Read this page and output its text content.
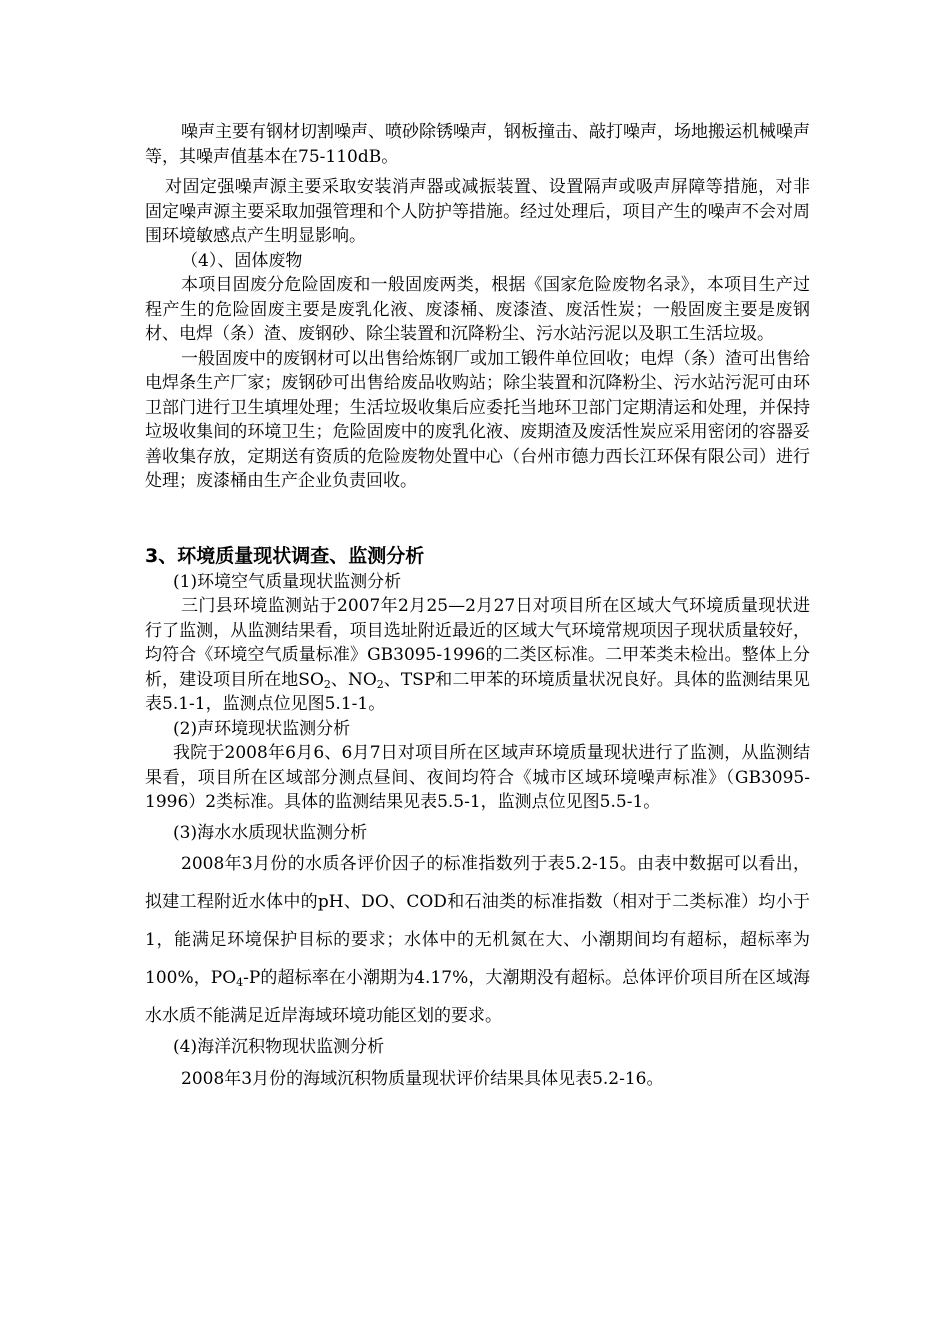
噪声主要有钢材切割噪声、喷砂除锈噪声，钢板撞击、敲打噪声，场地搬运机械噪声等，其噪声值基本在75-110dB。

对固定强噪声源主要采取安装消声器或减振装置、设置隔声或吸声屏障等措施，对非固定噪声源主要采取加强管理和个人防护等措施。经过处理后，项目产生的噪声不会对周围环境敏感点产生明显影响。

（4）、固体废物

本项目固废分危险固废和一般固废两类，根据《国家危险废物名录》，本项目生产过程产生的危险固废主要是废乳化液、废漆桶、废漆渣、废活性炭；一般固废主要是废钢材、电焊（条）渣、废钢砂、除尘装置和沉降粉尘、污水站污泥以及职工生活垃圾。

一般固废中的废钢材可以出售给炼钢厂或加工锻件单位回收；电焊（条）渣可出售给电焊条生产厂家；废钢砂可出售给废品收购站；除尘装置和沉降粉尘、污水站污泥可由环卫部门进行卫生填埋处理；生活垃圾收集后应委托当地环卫部门定期清运和处理，并保持垃圾收集间的环境卫生；危险固废中的废乳化液、废期渣及废活性炭应采用密闭的容器妥善收集存放，定期送有资质的危险废物处置中心（台州市德力西长江环保有限公司）进行处理；废漆桶由生产企业负责回收。

3、环境质量现状调查、监测分析

(1)环境空气质量现状监测分析

三门县环境监测站于2007年2月25—2月27日对项目所在区域大气环境质量现状进行了监测，从监测结果看，项目选址附近最近的区域大气环境常规项因子现状质量较好，均符合《环境空气质量标准》GB3095-1996的二类区标准。二甲苯类未检出。整体上分析，建设项目所在地$SO_2$、$NO_2$、TSP和二甲苯的环境质量状况良好。具体的监测结果见表5.1-1，监测点位见图5.1-1。

(2)声环境现状监测分析

我院于2008年6月6、6月7日对项目所在区域声环境质量现状进行了监测，从监测结果看，项目所在区域部分测点昼间、夜间均符合《城市区域环境噪声标准》（GB3095-1996）2类标准。具体的监测结果见表5.5-1，监测点位见图5.5-1。

(3)海水水质现状监测分析

2008年3月份的水质各评价因子的标准指数列于表5.2-15。由表中数据可以看出，拟建工程附近水体中的pH、DO、COD和石油类的标准指数（相对于二类标准）均小于1，能满足环境保护目标的要求；水体中的无机氮在大、小潮期间均有超标，超标率为100%，$PO_4-P$的超标率在小潮期为4.17%，大潮期没有超标。总体评价项目所在区域海水水质不能满足近岸海域环境功能区划的要求。

(4)海洋沉积物现状监测分析

2008年3月份的海域沉积物质量现状评价结果具体见表5.2-16。
